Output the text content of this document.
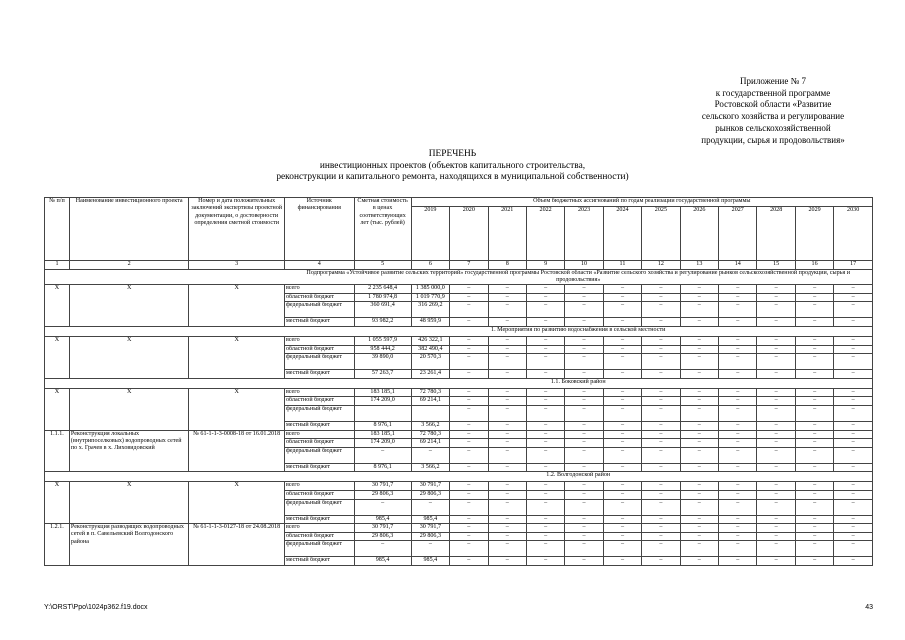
Приложение № 7
к государственной программе
Ростовской области «Развитие
сельского хозяйства и регулирование
рынков сельскохозяйственной
продукции, сырья и продовольствия»
ПЕРЕЧЕНЬ
инвестиционных проектов (объектов капитального строительства,
реконструкции и капитального ремонта, находящихся в муниципальной собственности)
№ п/п	Наименование инвестиционного проекта	Номер и дата положительных заключений экспертизы проектной документации, о достоверности определения сметной стоимости	Источник финансирования	Сметная стоимость в ценах соответствующих лет (тыс. рублей)	Объем бюджетных ассигнований по годам реализации государственной программы											
					2019	2020	2021	2022	2023	2024	2025	2026	2027	2028	2029	2030
1	2	3	4	5	6	7	8	9	10	11	12	13	14	15	16	17
			Подпрограмма «Устойчивое развитие сельских территорий» государственной программы Ростовской области «Развитие сельского хозяйства и регулирование рынков сельскохозяйственной продукции, сырья и продовольствия»													
Х	Х	Х	всего	2 235 648,4	1 385 000,0	–	–	–	–	–	–	–	–	–	–	–
			областной бюджет	1 780 974,8	1 019 770,9	–	–	–	–	–	–	–	–	–	–	–
			федеральный бюджет	360 691,4	316 269,2	–	–	–	–	–	–	–	–	–	–	–
			местный бюджет	93 982,2	48 959,9	–	–	–	–	–	–	–	–	–	–	–
			1. Мероприятия по развитию водоснабжения в сельской местности													
Х	Х	Х	всего	1 055 597,9	426 322,1	–	–	–	–	–	–	–	–	–	–	–
			областной бюджет	958 444,2	382 490,4	–	–	–	–	–	–	–	–	–	–	–
			федеральный бюджет	39 890,0	20 570,3	–	–	–	–	–	–	–	–	–	–	–
			местный бюджет	57 263,7	23 261,4	–	–	–	–	–	–	–	–	–	–	–
			1.1. Боковский район													
Х	Х	Х	всего	183 185,1	72 780,3	–	–	–	–	–	–	–	–	–	–	–
			областной бюджет	174 209,0	69 214,1	–	–	–	–	–	–	–	–	–	–	–
			федеральный бюджет			–	–	–	–	–	–	–	–	–	–	–
			местный бюджет	8 976,1	3 566,2	–	–	–	–	–	–	–	–	–	–	–
1.1.1.	Реконструкция локальных (внутрипоселковых) водопроводных сетей по х. Грачев в х. Лиховидовский	№ 61-1-1-3-0008-18 от 16.01.2018	всего	183 185,1	72 780,3	–	–	–	–	–	–	–	–	–	–	–
			областной бюджет	174 209,0	69 214,1	–	–	–	–	–	–	–	–	–	–	–
			федеральный бюджет	–	–	–	–	–	–	–	–	–	–	–	–	–
			местный бюджет	8 976,1	3 566,2	–	–	–	–	–	–	–	–	–	–	–
			1.2. Волгодонской район													
Х	Х	Х	всего	30 791,7	30 791,7	–	–	–	–	–	–	–	–	–	–	–
			областной бюджет	29 806,3	29 806,3	–	–	–	–	–	–	–	–	–	–	–
			федеральный бюджет	–	–	–	–	–	–	–	–	–	–	–	–	–
			местный бюджет	985,4	985,4	–	–	–	–	–	–	–	–	–	–	–
1.2.1.	Реконструкция разводящих водопроводных сетей в п. Савельевский Волгодонского района	№ 61-1-1-3-0127-18 от 24.08.2018	всего	30 791,7	30 791,7	–	–	–	–	–	–	–	–	–	–	–
			областной бюджет	29 806,3	29 806,3	–	–	–	–	–	–	–	–	–	–	–
			федеральный бюджет	–	–	–	–	–	–	–	–	–	–	–	–	–
			местный бюджет	985,4	985,4	–	–	–	–	–	–	–	–	–	–	–
Y:\ORST\Ppo\1024p362.f19.docx	43
